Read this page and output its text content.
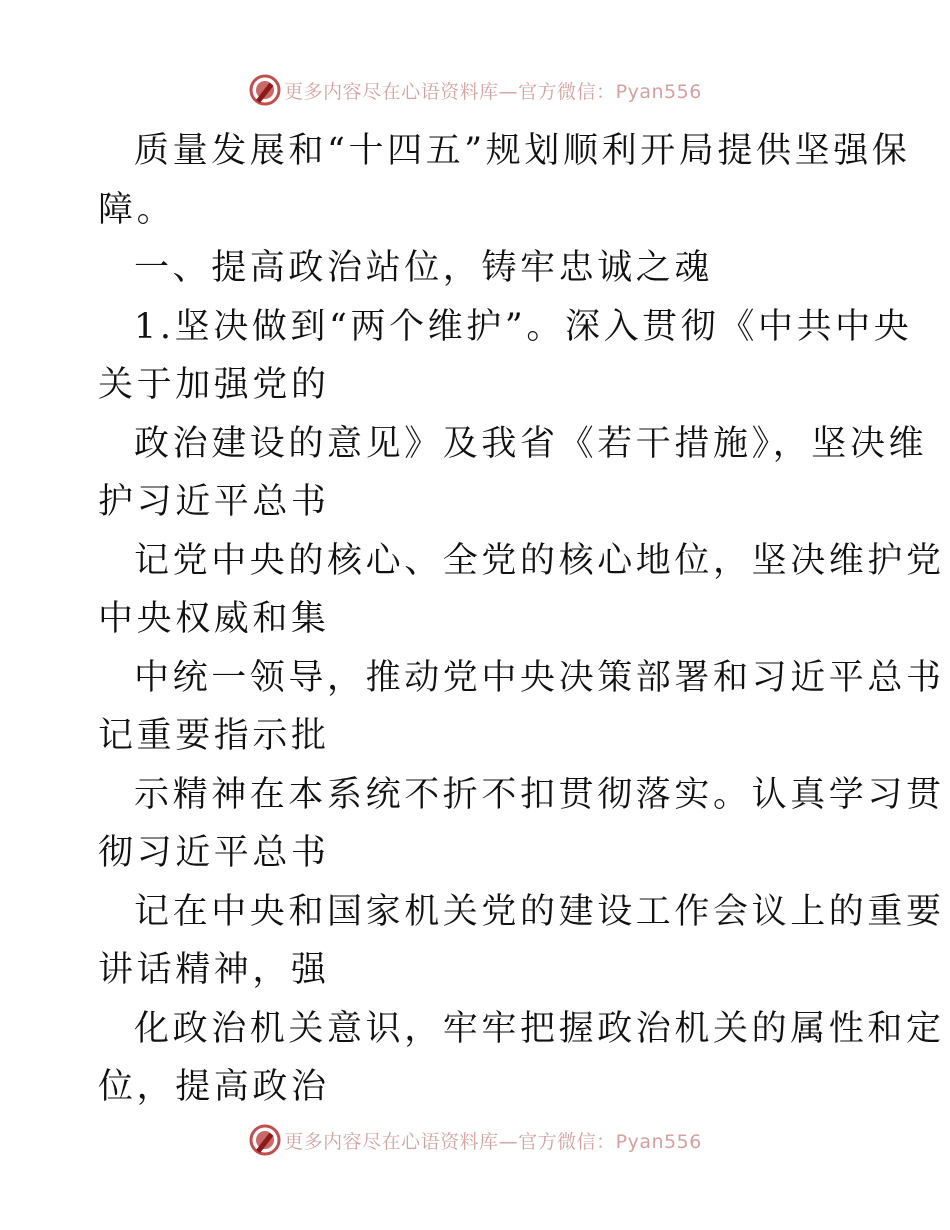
更多内容尽在心语资料库—官方微信：Pyan556
质量发展和“十四五”规划顺利开局提供坚强保
障。
一、提高政治站位，铸牢忠诚之魂
1.坚决做到“两个维护”。深入贯彻《中共中央
关于加强党的
政治建设的意见》及我省《若干措施》，坚决维
护习近平总书
记党中央的核心、全党的核心地位，坚决维护党
中央权威和集
中统一领导，推动党中央决策部署和习近平总书
记重要指示批
示精神在本系统不折不扣贯彻落实。认真学习贯
彻习近平总书
记在中央和国家机关党的建设工作会议上的重要
讲话精神，强
化政治机关意识，牢牢把握政治机关的属性和定
位，提高政治
更多内容尽在心语资料库—官方微信：Pyan556
